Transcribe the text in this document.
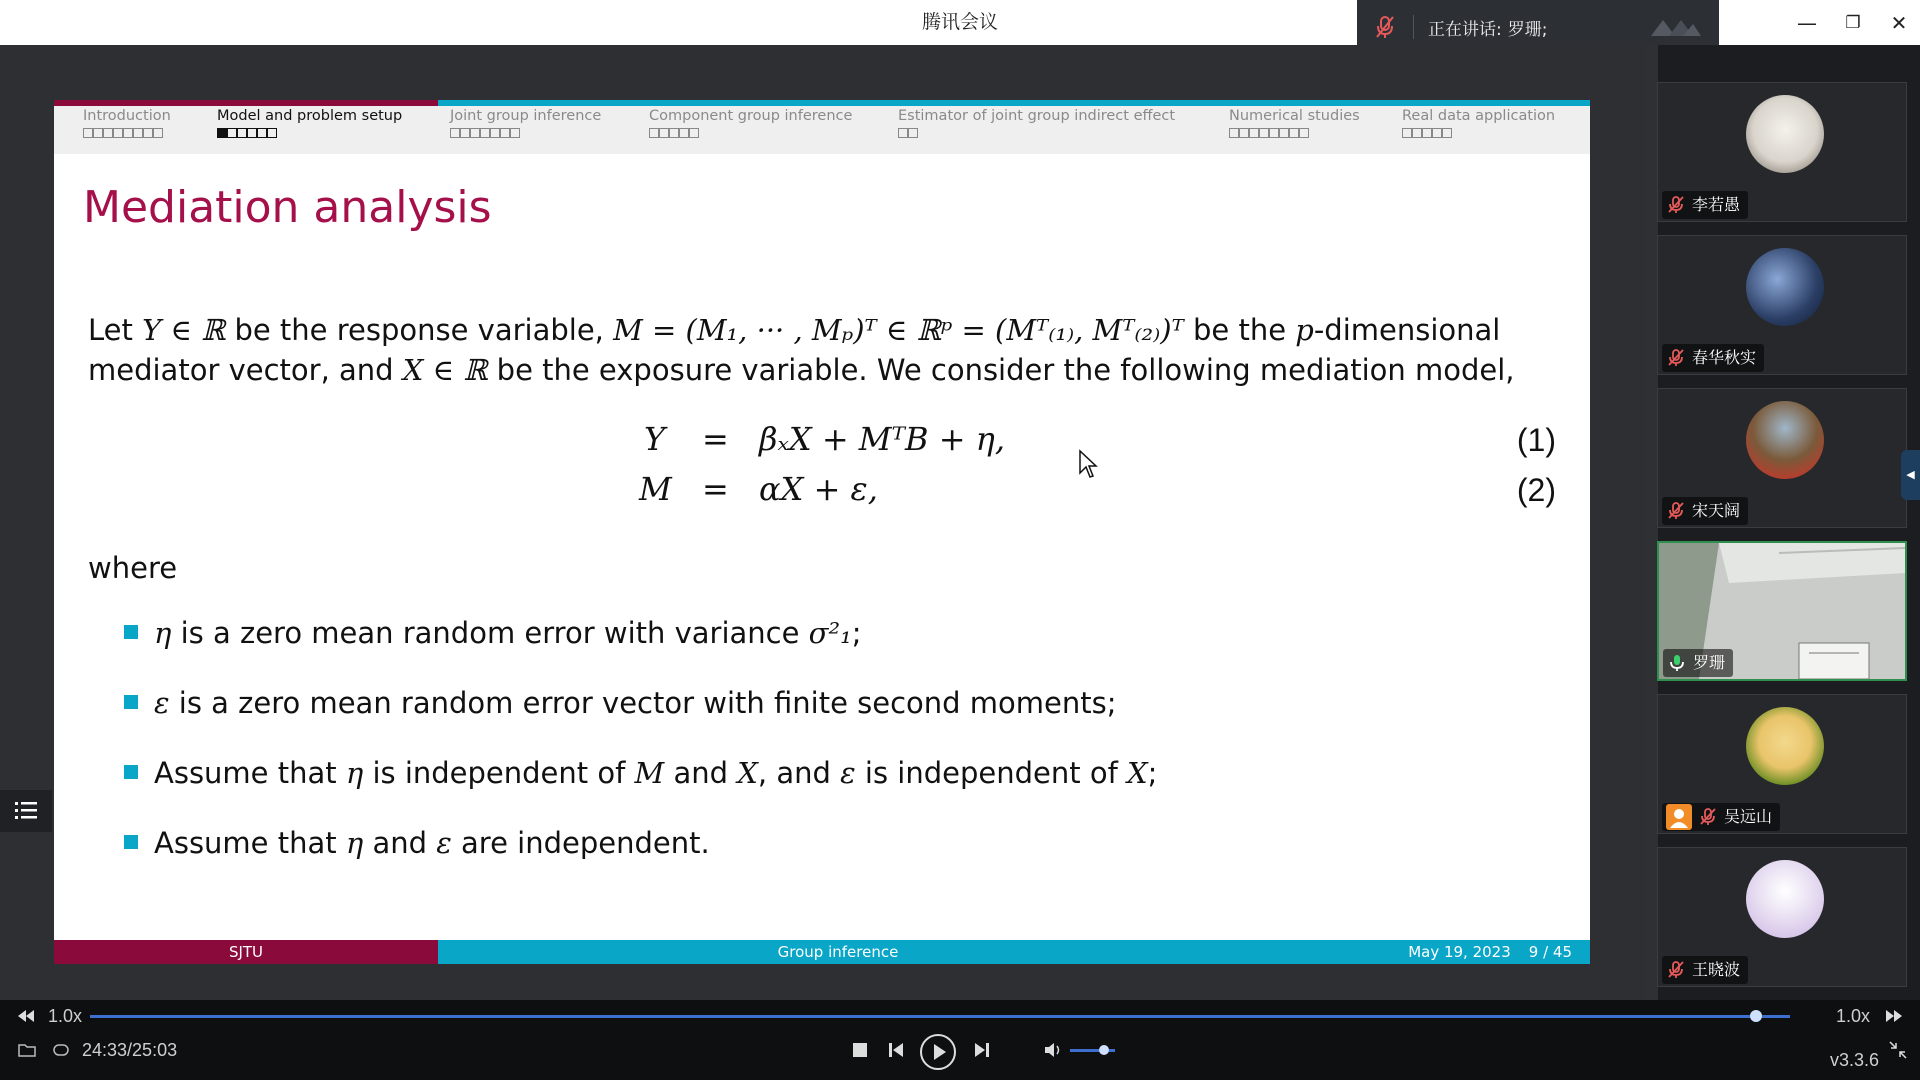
腾讯会议	—	❐	✕
正在讲话: 罗珊;
Introduction	Model and problem setup	Joint group inference	Component group inference	Estimator of joint group indirect effect	Numerical studies	Real data application
Mediation analysis
Let Y ∈ ℝ be the response variable, M = (M₁, ··· , Mₚ)ᵀ ∈ ℝᵖ = (Mᵀ₍₁₎, Mᵀ₍₂₎)ᵀ be the p-dimensional
mediator vector, and X ∈ ℝ be the exposure variable. We consider the following mediation model,
Y = βₓX + MᵀΒ + η,	(1)
M = αX + ε,	(2)
where
η is a zero mean random error with variance σ²₁;
ε is a zero mean random error vector with finite second moments;
Assume that η is independent of M and X, and ε is independent of X;
Assume that η and ε are independent.
SJTU	Group inference	May 19, 2023 9 / 45
李若愚
春华秋实
宋天阔
罗珊
吴远山
王晓波
◀
1.0x	1.0x
24:33/25:03	v3.3.6
